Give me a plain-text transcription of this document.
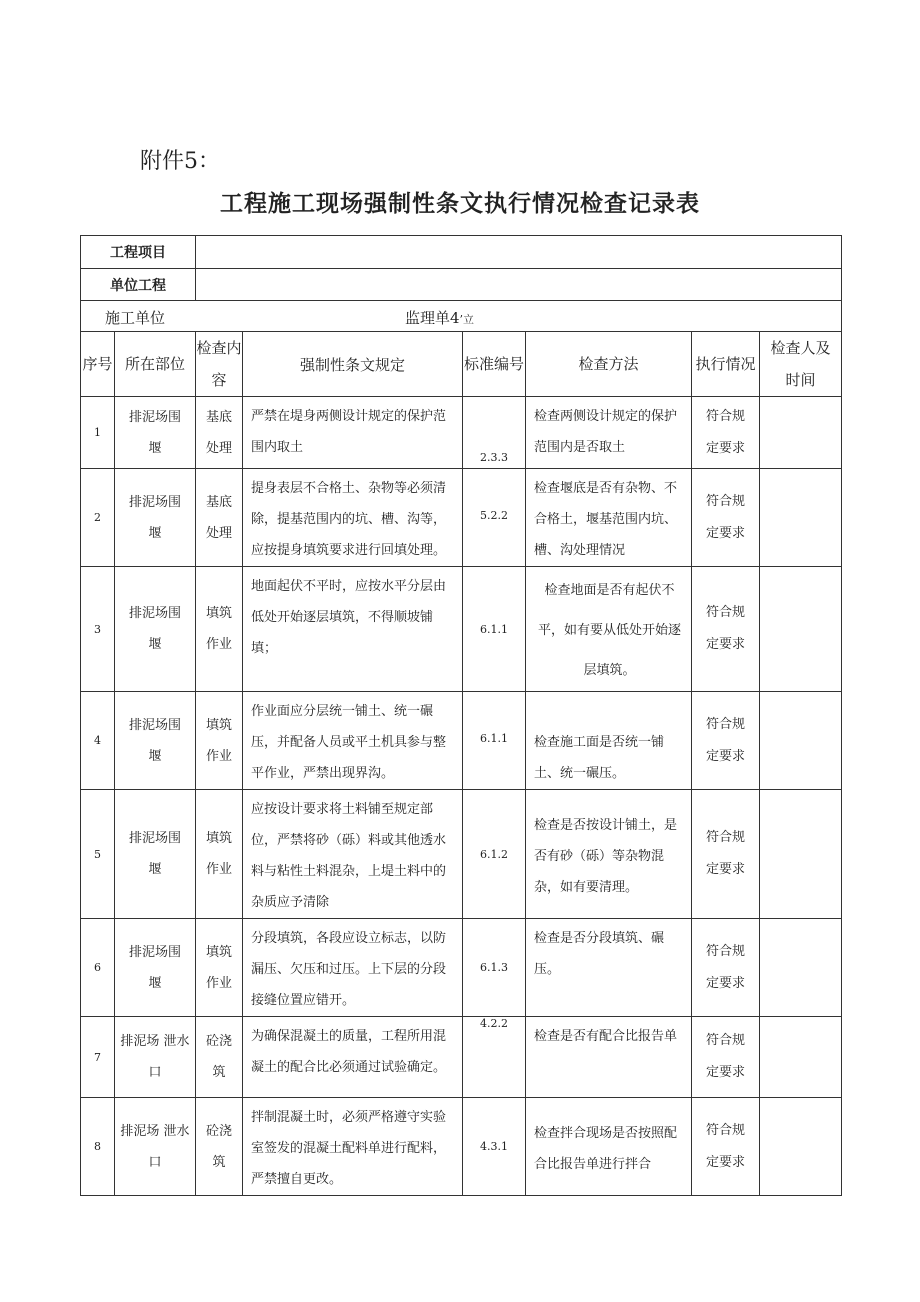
附件5：
工程施工现场强制性条文执行情况检查记录表
工程项目							
单位工程							

施工单位 监理单4’立							

序号	所在部位	检查内容	强制性条文规定	标准编号	检查方法	执行情况	检查人及时间
1	排泥场围堰	基底处理	严禁在堤身两侧设计规定的保护范围内取土	2.3.3	检查两侧设计规定的保护范围内是否取土	符合规定要求	
2	排泥场围堰	基底处理	提身表层不合格土、杂物等必须清除，提基范围内的坑、槽、沟等，应按提身填筑要求进行回填处理。	5.2.2	检查堰底是否有杂物、不合格土，堰基范围内坑、槽、沟处理情况	符合规定要求	
3	排泥场围堰	填筑作业	地面起伏不平时，应按水平分层由低处开始逐层填筑，不得顺坡铺填；	6.1.1	检查地面是否有起伏不平，如有要从低处开始逐层填筑。	符合规定要求	
4	排泥场围堰	填筑作业	作业面应分层统一铺土、统一碾 压，并配备人员或平土机具参与整 平作业，严禁出现界沟。	6.1.1	检查施工面是否统一铺土、统一碾压。	符合规定要求	
5	排泥场围堰	填筑作业	应按设计要求将土料铺至规定部 位，严禁将砂（砾）料或其他透水 料与粘性土料混杂，上堤土料中的 杂质应予清除	6.1.2	检查是否按设计铺土，是否有砂（砾）等杂物混杂，如有要清理。	符合规定要求	
6	排泥场围堰	填筑作业	分段填筑，各段应设立标志，以防漏压、欠压和过压。上下层的分段接缝位置应错开。	6.1.3	检查是否分段填筑、碾压。	符合规定要求	
7	排泥场 泄水口	砼浇筑	为确保混凝土的质量，工程所用混凝土的配合比必须通过试验确定。	4.2.2	检查是否有配合比报告单	符合规定要求	
8	排泥场 泄水口	砼浇筑	拌制混凝土时，必须严格遵守实验室签发的混凝土配料单进行配料，严禁擅自更改。	4.3.1	检查拌合现场是否按照配合比报告单进行拌合	符合规定要求	
